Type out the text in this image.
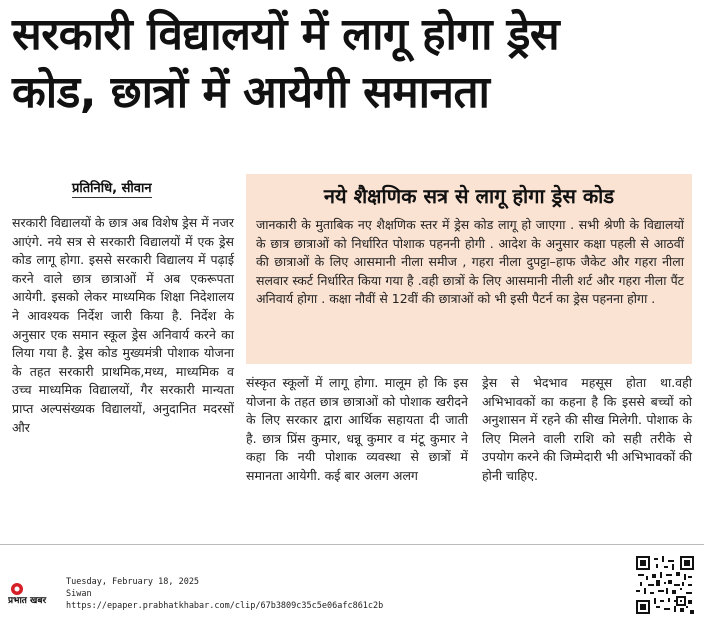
सरकारी विद्यालयों में लागू होगा ड्रेस
कोड, छात्रों में आयेगी समानता
प्रतिनिधि, सीवान	नये शैक्षणिक सत्र से लागू होगा ड्रेस कोड
जानकारी के मुताबिक नए शैक्षणिक स्तर में ड्रेस कोड लागू हो जाएगा . सभी श्रेणी के विद्यालयों के छात्र छात्राओं को निर्धारित पोशाक पहननी होगी . आदेश के अनुसार कक्षा पहली से आठवीं की छात्राओं के लिए आसमानी नीला समीज , गहरा नीला दुपट्टा–हाफ जैकेट और गहरा नीला सलवार स्कर्ट निर्धारित किया गया है .वही छात्रों के लिए आसमानी नीली शर्ट और गहरा नीला पैंट अनिवार्य होगा . कक्षा नौवीं से 12वीं की छात्राओं को भी इसी पैटर्न का ड्रेस पहनना होगा .
सरकारी विद्यालयों के छात्र अब विशेष ड्रेस में नजर आएंगे. नये सत्र से सरकारी विद्यालयों में एक ड्रेस कोड लागू होगा. इससे सरकारी विद्यालय में पढ़ाई करने वाले छात्र छात्राओं में अब एकरूपता आयेगी. इसको लेकर माध्यमिक शिक्षा निदेशालय ने आवश्यक निर्देश जारी किया है. निर्देश के अनुसार एक समान स्कूल ड्रेस अनिवार्य करने का लिया गया है. ड्रेस कोड मुख्यमंत्री पोशाक योजना के तहत सरकारी प्राथमिक,मध्य, माध्यमिक व उच्च माध्यमिक विद्यालयों, गैर सरकारी मान्यता प्राप्त अल्पसंख्यक विद्यालयों, अनुदानित मदरसों और
संस्कृत स्कूलों में लागू होगा. मालूम हो कि इस योजना के तहत छात्र छात्राओं को पोशाक खरीदने के लिए सरकार द्वारा आर्थिक सहायता दी जाती है. छात्र प्रिंस कुमार, धन्नू कुमार व मंटू कुमार ने कहा कि नयी पोशाक व्यवस्था से छात्रों में समानता आयेगी. कई बार अलग अलग
ड्रेस से भेदभाव महसूस होता था.वही अभिभावकों का कहना है कि इससे बच्चों को अनुशासन में रहने की सीख मिलेगी. पोशाक के लिए मिलने वाली राशि को सही तरीके से उपयोग करने की जिम्मेदारी भी अभिभावकों की होनी चाहिए.
प्रभात खबर
Tuesday, February 18, 2025
Siwan
https://epaper.prabhatkhabar.com/clip/67b3809c35c5e06afc861c2b
